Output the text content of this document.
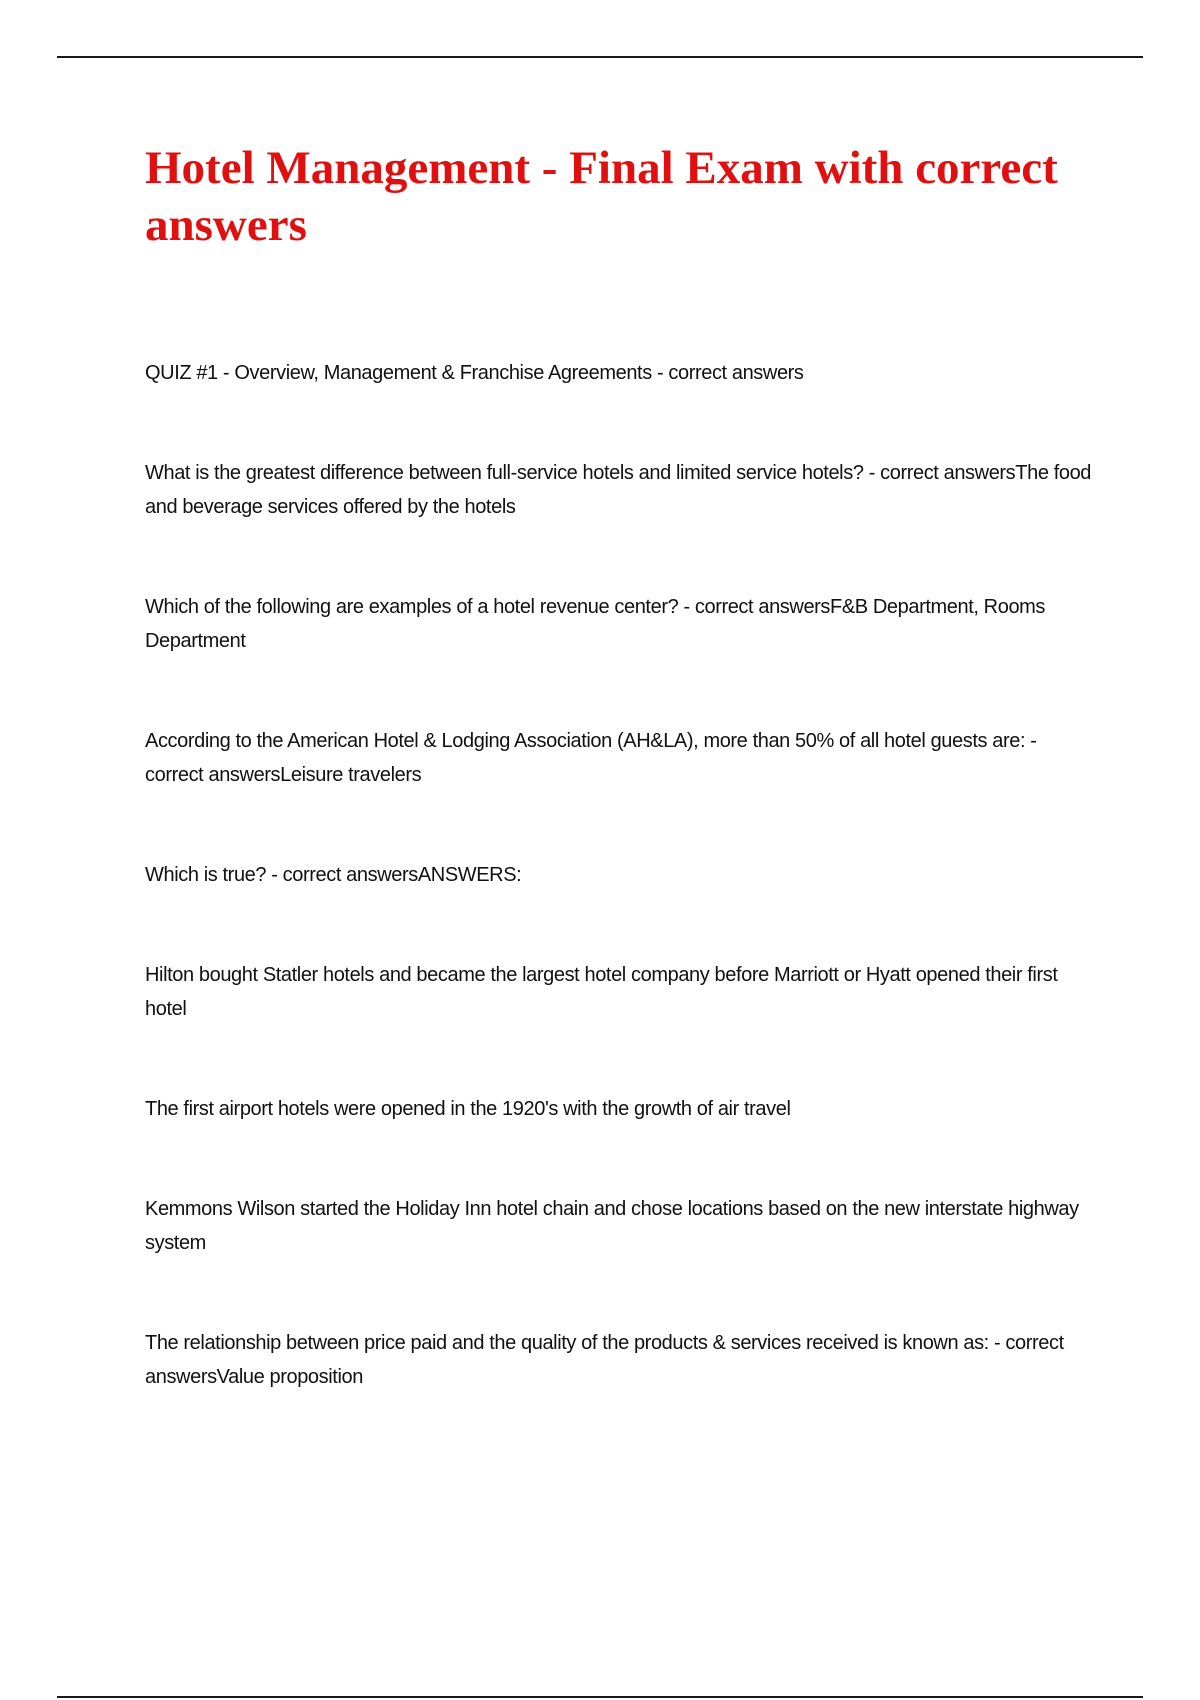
Hotel Management - Final Exam with correct answers

QUIZ #1 - Overview, Management & Franchise Agreements - correct answers

What is the greatest difference between full-service hotels and limited service hotels? - correct answersThe food and beverage services offered by the hotels

Which of the following are examples of a hotel revenue center? - correct answersF&B Department, Rooms Department

According to the American Hotel & Lodging Association (AH&LA), more than 50% of all hotel guests are: - correct answersLeisure travelers

Which is true? - correct answersANSWERS:

Hilton bought Statler hotels and became the largest hotel company before Marriott or Hyatt opened their first hotel

The first airport hotels were opened in the 1920's with the growth of air travel

Kemmons Wilson started the Holiday Inn hotel chain and chose locations based on the new interstate highway system

The relationship between price paid and the quality of the products & services received is known as: - correct answersValue proposition
